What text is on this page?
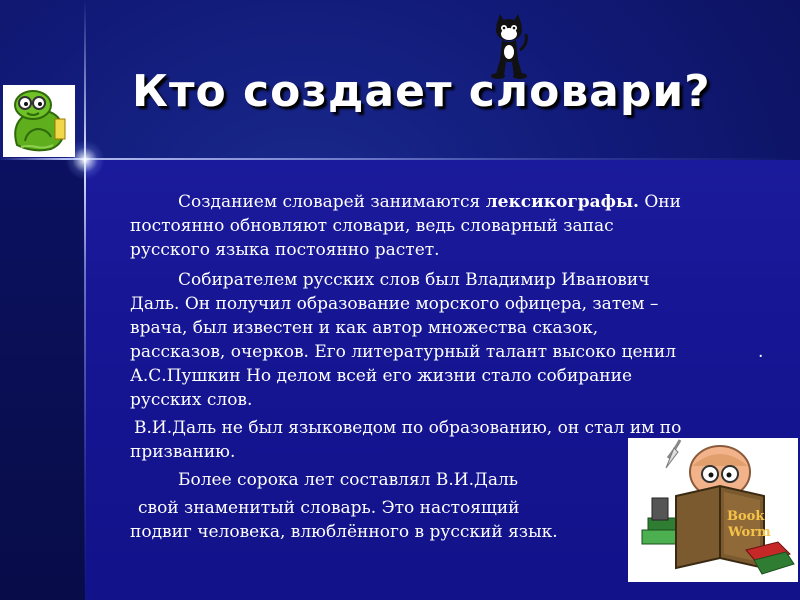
Кто создает словари?

Созданием словарей занимаются лексикографы. Они

постоянно обновляют словари, ведь словарный запас

русского языка постоянно растет.

Собирателем русских слов был Владимир Иванович

Даль. Он получил образование морского офицера, затем –

врача, был известен и как автор множества сказок,

рассказов, очерков. Его литературный талант высоко ценил

А.С.Пушкин Но делом всей его жизни стало собирание

русских слов.

В.И.Даль не был языковедом по образованию, он стал им по

призванию.

Более сорока лет составлял В.И.Даль

свой знаменитый словарь. Это настоящий

подвиг человека, влюблённого в русский язык.

.
Book
Worm
